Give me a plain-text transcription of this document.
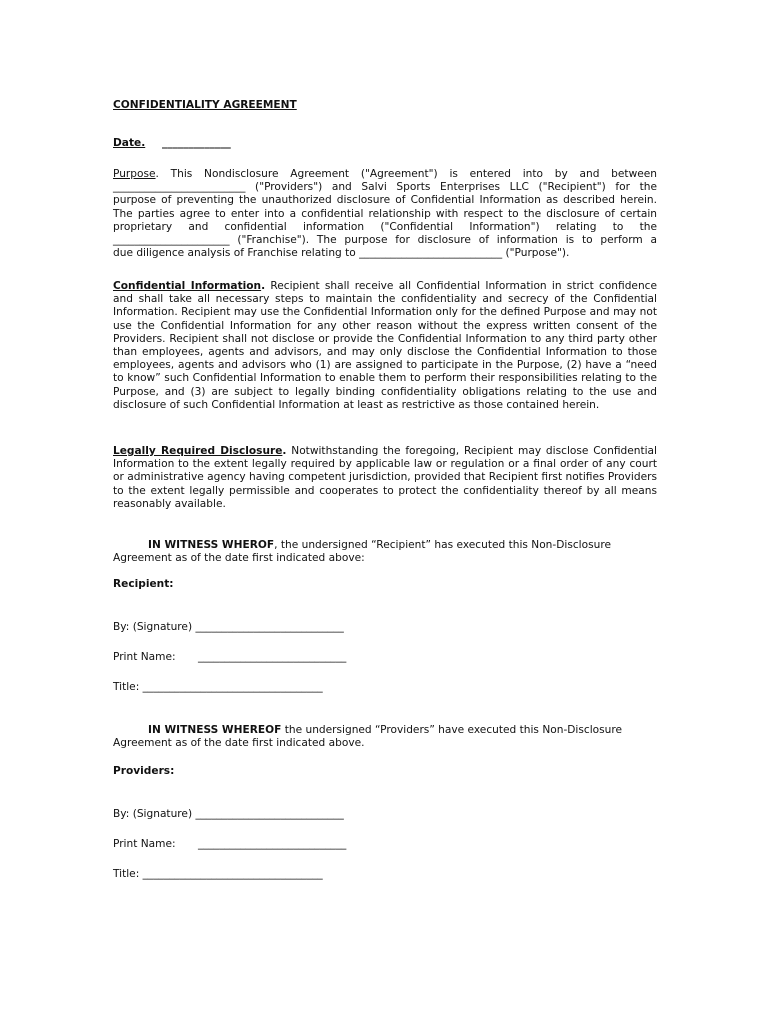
CONFIDENTIALITY AGREEMENT
Date. _____________
Purpose. This Nondisclosure Agreement ("Agreement") is entered into by and between
_________________________ ("Providers") and Salvi Sports Enterprises LLC ("Recipient") for the
purpose of preventing the unauthorized disclosure of Confidential Information as described herein.
The parties agree to enter into a confidential relationship with respect to the disclosure of certain
proprietary and confidential information ("Confidential Information") relating to the
______________________ ("Franchise"). The purpose for disclosure of information is to perform a
due diligence analysis of Franchise relating to ___________________________ ("Purpose").
Confidential Information. Recipient shall receive all Confidential Information in strict confidence and shall take all necessary steps to maintain the confidentiality and secrecy of the Confidential Information. Recipient may use the Confidential Information only for the defined Purpose and may not use the Confidential Information for any other reason without the express written consent of the Providers. Recipient shall not disclose or provide the Confidential Information to any third party other than employees, agents and advisors, and may only disclose the Confidential Information to those employees, agents and advisors who (1) are assigned to participate in the Purpose, (2) have a “need to know” such Confidential Information to enable them to perform their responsibilities relating to the Purpose, and (3) are subject to legally binding confidentiality obligations relating to the use and disclosure of such Confidential Information at least as restrictive as those contained herein.
Legally Required Disclosure. Notwithstanding the foregoing, Recipient may disclose Confidential Information to the extent legally required by applicable law or regulation or a final order of any court or administrative agency having competent jurisdiction, provided that Recipient first notifies Providers to the extent legally permissible and cooperates to protect the confidentiality thereof by all means reasonably available.
IN WITNESS WHEROF, the undersigned “Recipient” has executed this Non-Disclosure
Agreement as of the date first indicated above:
Recipient:
By: (Signature) ____________________________
Print Name: ____________________________
Title: __________________________________
IN WITNESS WHEREOF the undersigned “Providers” have executed this Non-Disclosure
Agreement as of the date first indicated above.
Providers:
By: (Signature) ____________________________
Print Name: ____________________________
Title: __________________________________
